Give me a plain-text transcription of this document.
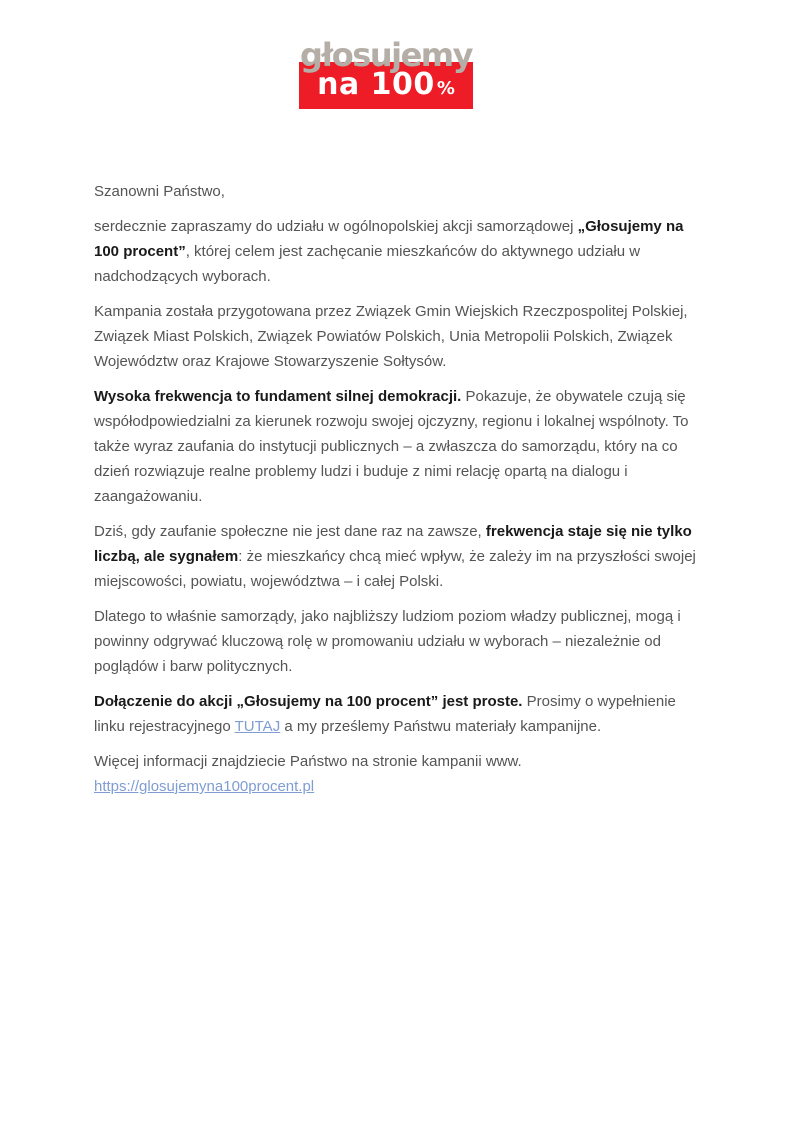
głosujemy
na 100 %

Szanowni Państwo,

serdecznie zapraszamy do udziału w ogólnopolskiej akcji samorządowej „Głosujemy na 100 procent”, której celem jest zachęcanie mieszkańców do aktywnego udziału w nadchodzących wyborach.

Kampania została przygotowana przez Związek Gmin Wiejskich Rzeczpospolitej Polskiej, Związek Miast Polskich, Związek Powiatów Polskich, Unia Metropolii Polskich, Związek Województw oraz Krajowe Stowarzyszenie Sołtysów.

Wysoka frekwencja to fundament silnej demokracji. Pokazuje, że obywatele czują się współodpowiedzialni za kierunek rozwoju swojej ojczyzny, regionu i lokalnej wspólnoty. To także wyraz zaufania do instytucji publicznych – a zwłaszcza do samorządu, który na co dzień rozwiązuje realne problemy ludzi i buduje z nimi relację opartą na dialogu i zaangażowaniu.

Dziś, gdy zaufanie społeczne nie jest dane raz na zawsze, frekwencja staje się nie tylko liczbą, ale sygnałem: że mieszkańcy chcą mieć wpływ, że zależy im na przyszłości swojej miejscowości, powiatu, województwa – i całej Polski.

Dlatego to właśnie samorządy, jako najbliższy ludziom poziom władzy publicznej, mogą i powinny odgrywać kluczową rolę w promowaniu udziału w wyborach – niezależnie od poglądów i barw politycznych.

Dołączenie do akcji „Głosujemy na 100 procent” jest proste. Prosimy o wypełnienie linku rejestracyjnego TUTAJ a my prześlemy Państwu materiały kampanijne.

Więcej informacji znajdziecie Państwo na stronie kampanii www.
https://glosujemyna100procent.pl
